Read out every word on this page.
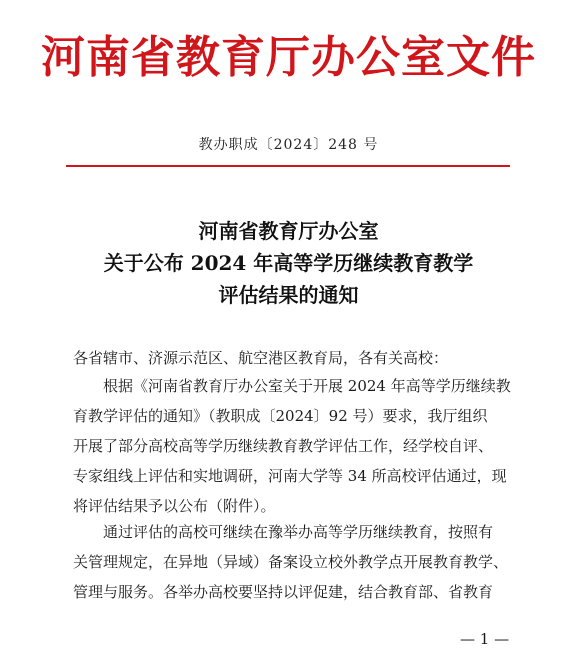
河南省教育厅办公室文件
教办职成〔2024〕248 号
河南省教育厅办公室
关于公布 2024 年高等学历继续教育教学
评估结果的通知
各省辖市、济源示范区、航空港区教育局，各有关高校：
根据《河南省教育厅办公室关于开展 2024 年高等学历继续教
育教学评估的通知》（教职成〔2024〕92 号）要求，我厅组织
开展了部分高校高等学历继续教育教学评估工作，经学校自评、
专家组线上评估和实地调研，河南大学等 34 所高校评估通过，现
将评估结果予以公布（附件）。
通过评估的高校可继续在豫举办高等学历继续教育，按照有
关管理规定，在异地（异域）备案设立校外教学点开展教育教学、
管理与服务。各举办高校要坚持以评促建，结合教育部、省教育
— 1 —
